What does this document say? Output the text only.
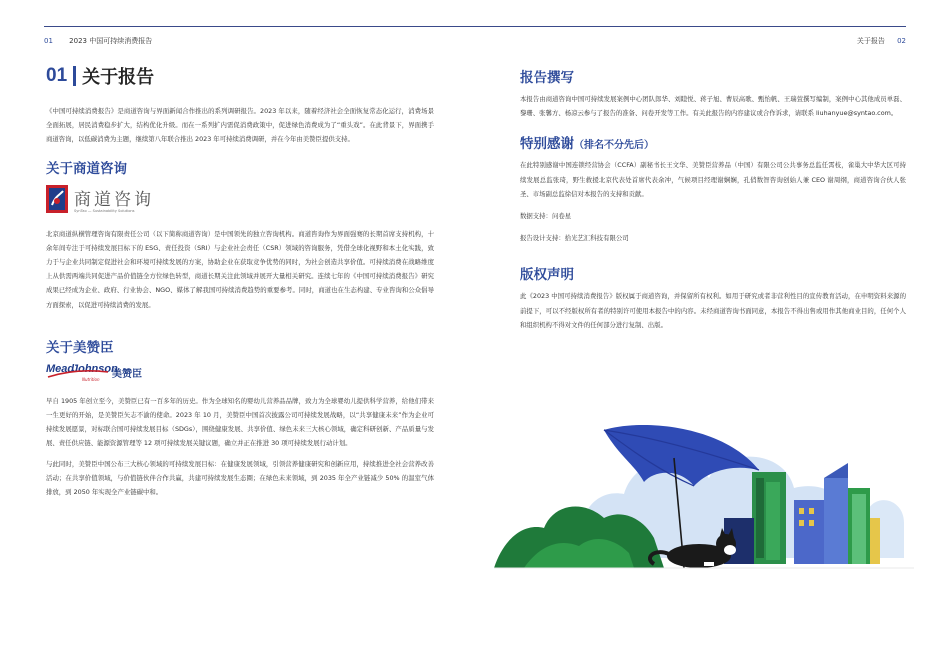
01 2023 中国可持续消费报告	关于报告 02
01 关于报告

《中国可持续消费报告》是商道咨询与界面新闻合作推出的系列调研报告。2023 年以来，随着经济社会全面恢复常态化运行，消费场景全面拓展，居民消费稳步扩大，结构优化升级。而在一系列扩内需促消费政策中，促进绿色消费成为了“重头戏”。在此背景下，界面携手商道咨询，以低碳消费为主题，继续第八年联合推出 2023 年可持续消费调研，并在今年由美赞臣提供支持。

关于商道咨询
商道咨询
SynTao — Sustainability Solutions

北京商道纵横管理咨询有限责任公司（以下简称商道咨询）是中国领先的独立咨询机构。商道咨询作为界面强赛的长期首席支持机构，十余年间专注于可持续发展目标下的 ESG、责任投资（SRI）与企业社会责任（CSR）领域的咨询服务，凭借全球化视野和本土化实践，致力于与企业共同制定促进社会和环境可持续发展的方案，协助企业在获取竞争优势的同时，为社会创造共享价值。可持续消费在战略维度上从供需两端共同促进产品价值链全方位绿色转型，商道长期关注此领域并展开大量相关研究。连续七年的《中国可持续消费报告》研究成果已经成为企业、政府、行业协会、NGO、媒体了解我国可持续消费趋势的重要参考。同时，商道也在生态构建、专业咨询和公众倡导方面探索，以促进可持续消费的发展。

关于美赞臣
Mead
Johnson
Nutrition 美赞臣

早自 1905 年创立至今，美赞臣已有一百多年的历史。作为全球知名的婴幼儿营养品品牌，致力为全球婴幼儿提供科学营养，给他们带来一生更好的开始，是美赞臣矢志不渝的使命。2023 年 10 月，美赞臣中国首次披露公司可持续发展战略，以“共享健康未来”作为企业可持续发展愿景，对标联合国可持续发展目标（SDGs），围绕健康发展、共享价值、绿色未来三大核心领域，确定科研创新、产品质量与发展、责任供应链、能源资源管理等 12 项可持续发展关键议题，确立并正在推进 30 项可持续发展行动计划。

与此同时，美赞臣中国公布三大核心领域的可持续发展目标：在健康发展领域，引领营养健康研究和创新应用，持续推进全社会营养改善活动；在共享价值领域，与价值链伙伴合作共赢，共建可持续发展生态圈；在绿色未来领域，到 2035 年全产业链减少 50% 的温室气体排放，到 2050 年实现全产业链碳中和。

报告撰写

本报告由商道咨询中国可持续发展案例中心团队郎华、刘睦悦、蒋子旭、曹辰高歌、甄怡帆、王瑞萱撰写编制，案例中心其他成员单磊、黎珊、张馨方、杨凉云参与了报告的准备、问卷开发等工作。有关此报告的内容建议或合作诉求，请联系 liuhanyue@syntao.com。

特别感谢（排名不分先后）

在此特别感谢中国连锁经营协会（CCFA）副秘书长王文华、美赞臣营养品（中国）有限公司公共事务总监任霄枝，雀巢大中华大区可持续发展总监张琦，野生救援北京代表处首席代表余冲，气候项目经理谢娴娴，孔俏数智咨询创始人兼 CEO 谢周纲，商道咨询合伙人张圣、市场副总监徐信对本报告的支持和贡献。

数据支持：问卷星

报告设计支持：拾光艺汇科技有限公司

版权声明

此《2023 中国可持续消费报告》版权属于商道咨询，并保留所有权利。如用于研究或者非营利性目的宣传教育活动，在申明资料来源的前提下，可以不经版权所有者的特别许可使用本报告中的内容。未经商道咨询书面同意，本报告不得出售或用作其他商业目的，任何个人和组织机构不得对文件的任何部分进行复制、出版。
